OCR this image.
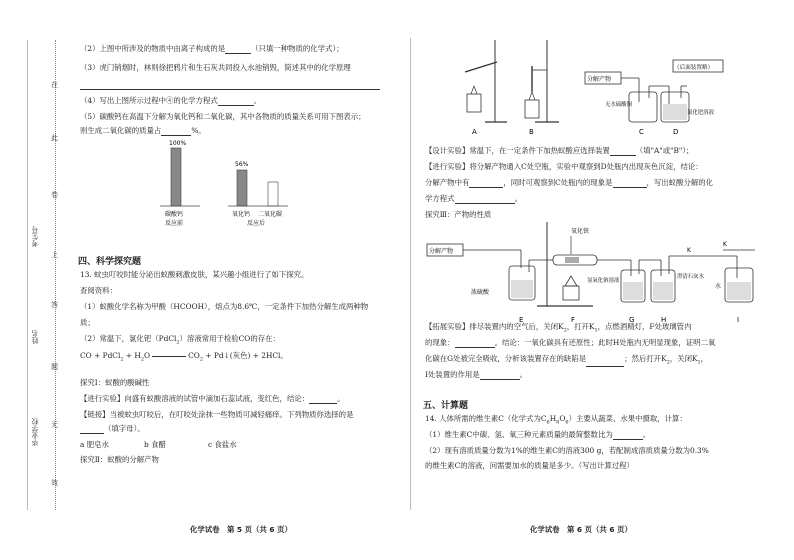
在
此
卷
上
答
题
无
效
考生号
姓名
毕业学校
（2）上图中所涉及的物质中由离子构成的是	（只填一种物质的化学式）；
（3）虎门销烟时，林则徐把鸦片和生石灰共同投入水池销毁，简述其中的化学原理
（4）写出上图所示过程中④的化学方程式	。
（5）碳酸钙在高温下分解为氧化钙和二氧化碳，其中各物质的质量关系可用下图表示；
则生成二氧化碳的质量占	%。
100%
56%
碳酸钙
反应前
氧化钙 二氧化碳
反应后
四、科学探究题
13. 蚊虫叮咬时能分泌出蚁酸刺激皮肤，某兴趣小组进行了如下探究。
查阅资料：
（1）蚁酸化学名称为甲酸（HCOOH），熔点为8.6℃，一定条件下加热分解生成两种物
质；
（2）常温下，氯化钯（PdCl$_2$）溶液常用于检验CO的存在：
CO + PdCl$_2$ + $H_2O$	$CO_2$ + Pd↓(灰色) + 2HCl。
探究Ⅰ：蚁酸的酸碱性
【进行实验】向盛有蚁酸溶液的试管中滴加石蕊试液，变红色，结论：	。
【链接】当被蚊虫叮咬后，在叮咬处涂抹一些物质可减轻痛痒。下列物质你选择的是
（填字母）。
a 肥皂水	b 食醋	c 食盐水
探究Ⅱ：蚁酸的分解产物
化学试卷　第 5 页（共 6 页）
A	B
分解产物
（后面装置略）
无水硫酸铜
氯化钯溶液
C	D
【设计实验】常温下，在一定条件下加热蚁酸应选择装置	（填"A"或"B"）；
【进行实验】将分解产物通入C处空瓶，实验中观察到D处瓶内出现灰色沉淀，结论：
分解产物中有	，同时可观察到C处瓶内的现象是	，写出蚁酸分解的化
学方程式	。
探究Ⅲ：产物的性质
分解产物
浓硫酸
氧化铁
氢氧化钠溶液
澄清石灰水
K
K
水
E	F	G	H	I
【拓展实验】排尽装置内的空气后，关闭$K_2$，打开$K_1$，点燃酒精灯，F处玻璃管内
的现象：	。结论：一氧化碳具有还原性；此时H处瓶内无明显现象，证明二氧
化碳在G处被完全吸收，分析该装置存在的缺陷是	；然后打开$K_2$，关闭$K_1$，
I处装置的作用是	。
五、计算题
14. 人体所需的维生素C（化学式为$C_6H_8O_6$）主要从蔬菜、水果中摄取，计算：
（1）维生素C中碳、氢、氧三种元素质量的最简整数比为	。
（2）现有溶质质量分数为1%的维生素C的溶液300 g，若配制成溶质质量分数为0.3%
的维生素C的溶液，问需要加水的质量是多少。（写出计算过程）
化学试卷　第 6 页（共 6 页）
